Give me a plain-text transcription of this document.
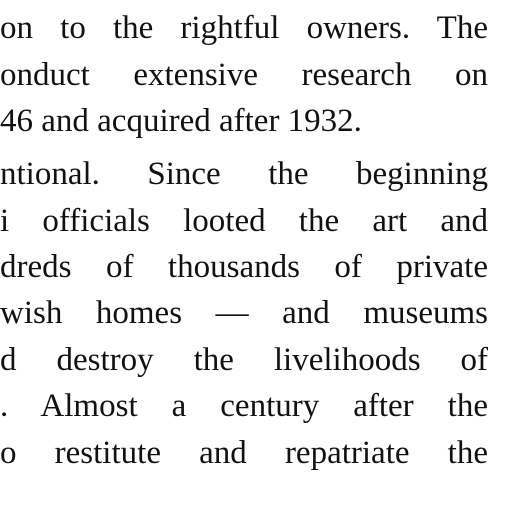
on to the rightful owners. The
onduct extensive research on
46 and acquired after 1932.
ntional. Since the beginning
i officials looted the art and
dreds of thousands of private
wish homes — and museums
d destroy the livelihoods of
. Almost a century after the
o restitute and repatriate the
